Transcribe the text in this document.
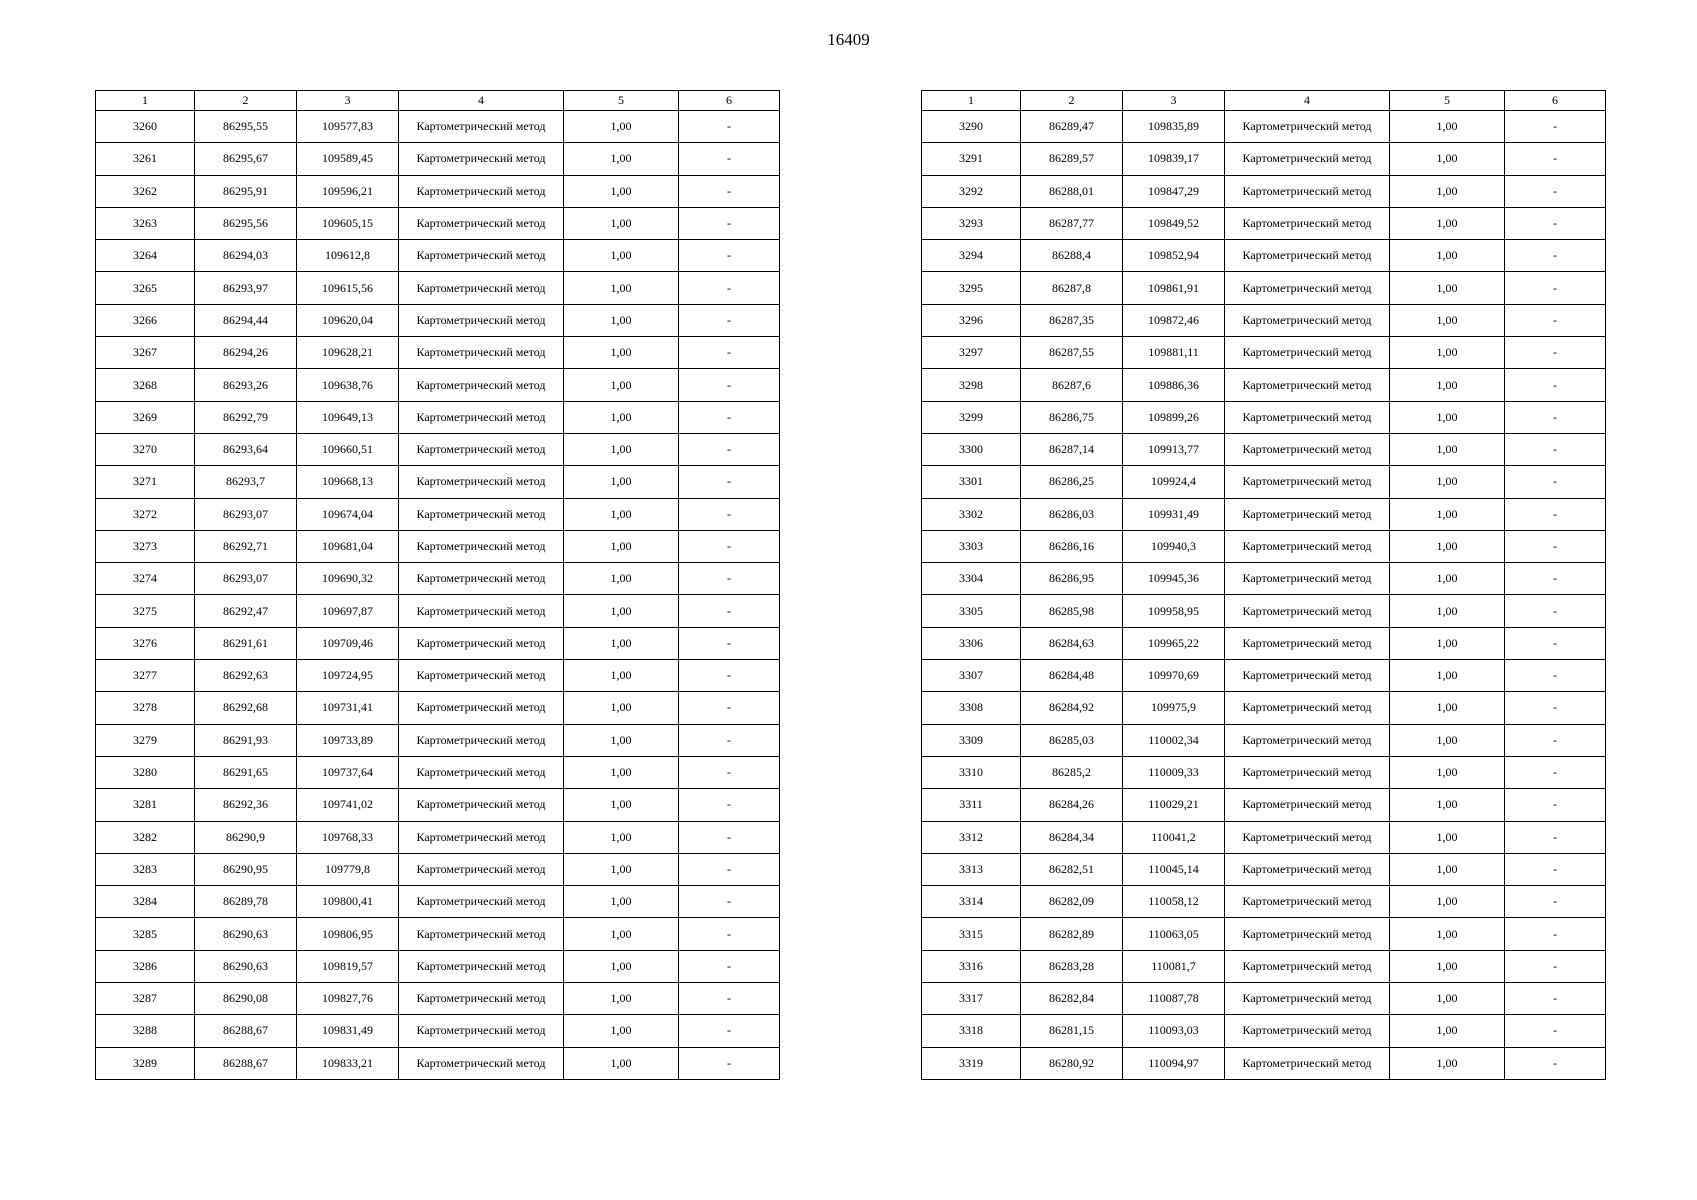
16409
1	2	3	4	5	6
3260	86295,55	109577,83	Картометрический метод	1,00	-
3261	86295,67	109589,45	Картометрический метод	1,00	-
3262	86295,91	109596,21	Картометрический метод	1,00	-
3263	86295,56	109605,15	Картометрический метод	1,00	-
3264	86294,03	109612,8	Картометрический метод	1,00	-
3265	86293,97	109615,56	Картометрический метод	1,00	-
3266	86294,44	109620,04	Картометрический метод	1,00	-
3267	86294,26	109628,21	Картометрический метод	1,00	-
3268	86293,26	109638,76	Картометрический метод	1,00	-
3269	86292,79	109649,13	Картометрический метод	1,00	-
3270	86293,64	109660,51	Картометрический метод	1,00	-
3271	86293,7	109668,13	Картометрический метод	1,00	-
3272	86293,07	109674,04	Картометрический метод	1,00	-
3273	86292,71	109681,04	Картометрический метод	1,00	-
3274	86293,07	109690,32	Картометрический метод	1,00	-
3275	86292,47	109697,87	Картометрический метод	1,00	-
3276	86291,61	109709,46	Картометрический метод	1,00	-
3277	86292,63	109724,95	Картометрический метод	1,00	-
3278	86292,68	109731,41	Картометрический метод	1,00	-
3279	86291,93	109733,89	Картометрический метод	1,00	-
3280	86291,65	109737,64	Картометрический метод	1,00	-
3281	86292,36	109741,02	Картометрический метод	1,00	-
3282	86290,9	109768,33	Картометрический метод	1,00	-
3283	86290,95	109779,8	Картометрический метод	1,00	-
3284	86289,78	109800,41	Картометрический метод	1,00	-
3285	86290,63	109806,95	Картометрический метод	1,00	-
3286	86290,63	109819,57	Картометрический метод	1,00	-
3287	86290,08	109827,76	Картометрический метод	1,00	-
3288	86288,67	109831,49	Картометрический метод	1,00	-
3289	86288,67	109833,21	Картометрический метод	1,00	-
1	2	3	4	5	6
3290	86289,47	109835,89	Картометрический метод	1,00	-
3291	86289,57	109839,17	Картометрический метод	1,00	-
3292	86288,01	109847,29	Картометрический метод	1,00	-
3293	86287,77	109849,52	Картометрический метод	1,00	-
3294	86288,4	109852,94	Картометрический метод	1,00	-
3295	86287,8	109861,91	Картометрический метод	1,00	-
3296	86287,35	109872,46	Картометрический метод	1,00	-
3297	86287,55	109881,11	Картометрический метод	1,00	-
3298	86287,6	109886,36	Картометрический метод	1,00	-
3299	86286,75	109899,26	Картометрический метод	1,00	-
3300	86287,14	109913,77	Картометрический метод	1,00	-
3301	86286,25	109924,4	Картометрический метод	1,00	-
3302	86286,03	109931,49	Картометрический метод	1,00	-
3303	86286,16	109940,3	Картометрический метод	1,00	-
3304	86286,95	109945,36	Картометрический метод	1,00	-
3305	86285,98	109958,95	Картометрический метод	1,00	-
3306	86284,63	109965,22	Картометрический метод	1,00	-
3307	86284,48	109970,69	Картометрический метод	1,00	-
3308	86284,92	109975,9	Картометрический метод	1,00	-
3309	86285,03	110002,34	Картометрический метод	1,00	-
3310	86285,2	110009,33	Картометрический метод	1,00	-
3311	86284,26	110029,21	Картометрический метод	1,00	-
3312	86284,34	110041,2	Картометрический метод	1,00	-
3313	86282,51	110045,14	Картометрический метод	1,00	-
3314	86282,09	110058,12	Картометрический метод	1,00	-
3315	86282,89	110063,05	Картометрический метод	1,00	-
3316	86283,28	110081,7	Картометрический метод	1,00	-
3317	86282,84	110087,78	Картометрический метод	1,00	-
3318	86281,15	110093,03	Картометрический метод	1,00	-
3319	86280,92	110094,97	Картометрический метод	1,00	-
